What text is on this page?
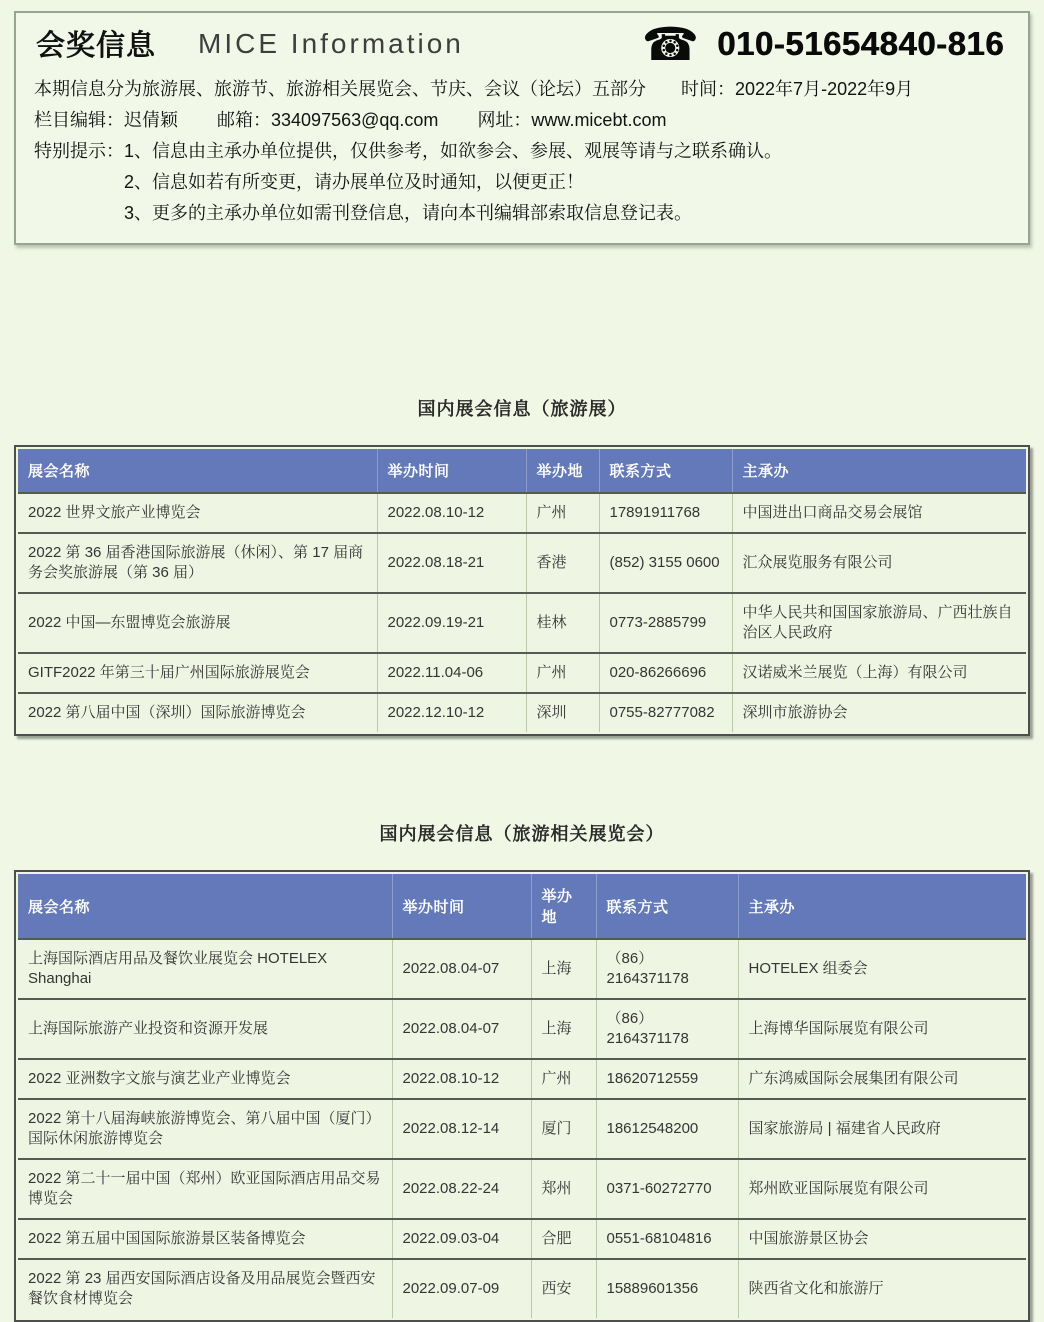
会奖信息 MICE Information	☎ 010-51654840-816

本期信息分为旅游展、旅游节、旅游相关展览会、节庆、会议（论坛）五部分 时间：2022年7月-2022年9月

栏目编辑：迟倩颖 邮箱：334097563@qq.com 网址：www.micebt.com

特别提示： 1、信息由主承办单位提供，仅供参考，如欲参会、参展、观展等请与之联系确认。
2、信息如若有所变更，请办展单位及时通知，以便更正！
3、更多的主承办单位如需刊登信息，请向本刊编辑部索取信息登记表。
国内展会信息（旅游展）
展会名称	举办时间	举办地	联系方式	主承办
2022 世界文旅产业博览会	2022.08.10-12	广州	17891911768	中国进出口商品交易会展馆
2022 第 36 届香港国际旅游展（休闲）、第 17 届商务会奖旅游展（第 36 届）	2022.08.18-21	香港	(852) 3155 0600	汇众展览服务有限公司
2022 中国—东盟博览会旅游展	2022.09.19-21	桂林	0773-2885799	中华人民共和国国家旅游局、广西壮族自治区人民政府
GITF2022 年第三十届广州国际旅游展览会	2022.11.04-06	广州	020-86266696	汉诺威米兰展览（上海）有限公司
2022 第八届中国（深圳）国际旅游博览会	2022.12.10-12	深圳	0755-82777082	深圳市旅游协会
国内展会信息（旅游相关展览会）
展会名称	举办时间	举办地	联系方式	主承办
上海国际酒店用品及餐饮业展览会 HOTELEX Shanghai	2022.08.04-07	上海	（86）2164371178	HOTELEX 组委会
上海国际旅游产业投资和资源开发展	2022.08.04-07	上海	（86）2164371178	上海博华国际展览有限公司
2022 亚洲数字文旅与演艺业产业博览会	2022.08.10-12	广州	18620712559	广东鸿威国际会展集团有限公司
2022 第十八届海峡旅游博览会、第八届中国（厦门）国际休闲旅游博览会	2022.08.12-14	厦门	18612548200	国家旅游局 | 福建省人民政府
2022 第二十一届中国（郑州）欧亚国际酒店用品交易博览会	2022.08.22-24	郑州	0371-60272770	郑州欧亚国际展览有限公司
2022 第五届中国国际旅游景区装备博览会	2022.09.03-04	合肥	0551-68104816	中国旅游景区协会
2022 第 23 届西安国际酒店设备及用品展览会暨西安餐饮食材博览会	2022.09.07-09	西安	15889601356	陕西省文化和旅游厅
